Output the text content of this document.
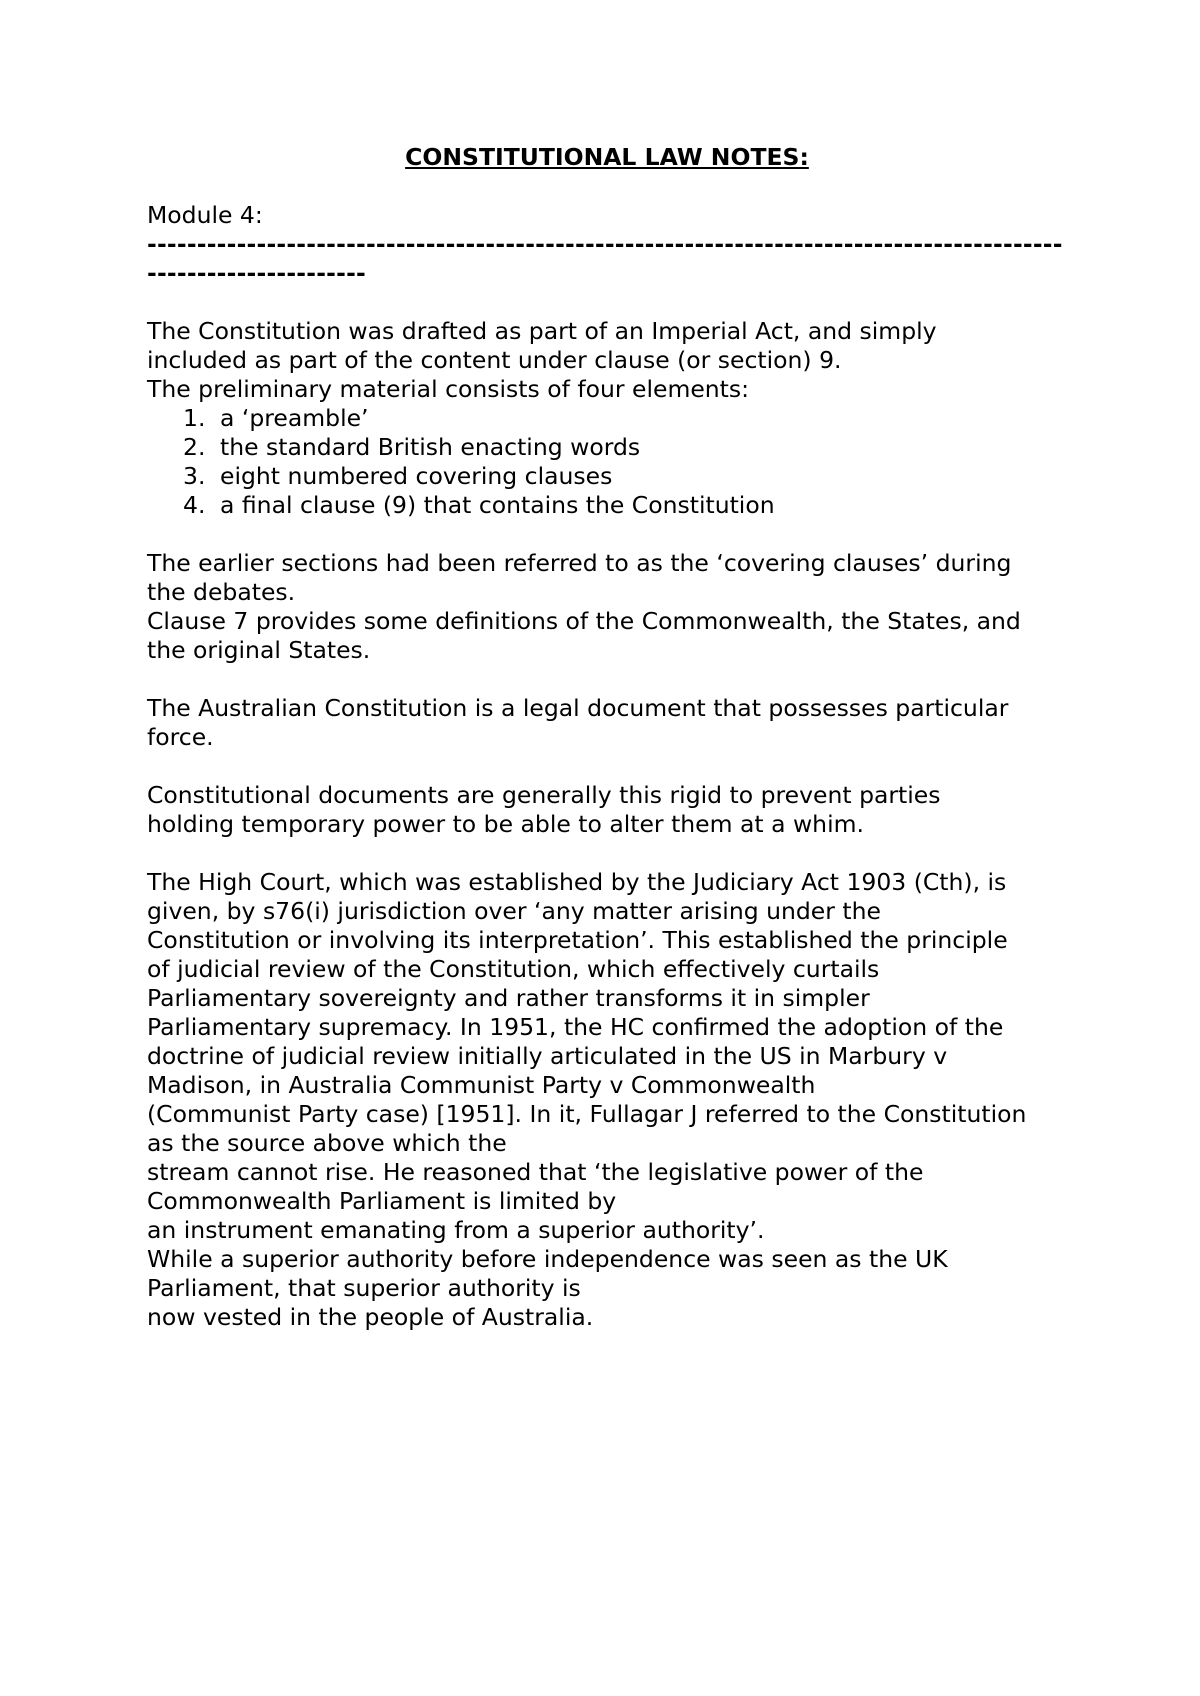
CONSTITUTIONAL LAW NOTES:

Module 4:

------------------------------------------------------------------------------------------------------------------

The Constitution was drafted as part of an Imperial Act, and simply

included as part of the content under clause (or section) 9.

The preliminary material consists of four elements:

1. a ‘preamble’
2. the standard British enacting words
3. eight numbered covering clauses
4. a final clause (9) that contains the Constitution

The earlier sections had been referred to as the ‘covering clauses’ during

the debates.

Clause 7 provides some definitions of the Commonwealth, the States, and

the original States.

The Australian Constitution is a legal document that possesses particular

force.

Constitutional documents are generally this rigid to prevent parties

holding temporary power to be able to alter them at a whim.

The High Court, which was established by the Judiciary Act 1903 (Cth), is

given, by s76(i) jurisdiction over ‘any matter arising under the

Constitution or involving its interpretation’. This established the principle

of judicial review of the Constitution, which effectively curtails

Parliamentary sovereignty and rather transforms it in simpler

Parliamentary supremacy. In 1951, the HC confirmed the adoption of the

doctrine of judicial review initially articulated in the US in Marbury v

Madison, in Australia Communist Party v Commonwealth

(Communist Party case) [1951]. In it, Fullagar J referred to the Constitution

as the source above which the

stream cannot rise. He reasoned that ‘the legislative power of the

Commonwealth Parliament is limited by

an instrument emanating from a superior authority’.

While a superior authority before independence was seen as the UK

Parliament, that superior authority is

now vested in the people of Australia.
